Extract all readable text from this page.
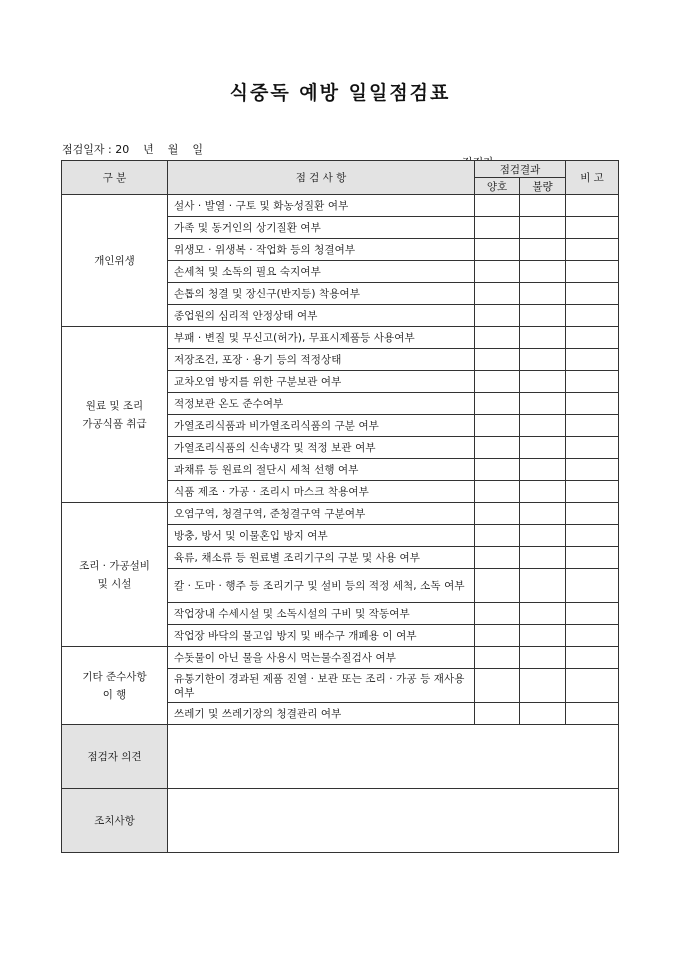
식중독 예방 일일점검표
점검일자 : 20    년    월    일

구 분	점 검 사 항	점검결과		비 고
		양호	불량	
개인위생	설사 · 발열 · 구토 및 화농성질환 여부			
	가족 및 동거인의 상기질환 여부			
	위생모 · 위생복 · 작업화 등의 청결여부			
	손세척 및 소독의 필요 숙지여부			
	손톱의 청결 및 장신구(반지등) 착용여부			
	종업원의 심리적 안정상태 여부			
원료 및 조리
가공식품 취급	부패 · 변질 및 무신고(허가), 무표시제품등 사용여부			
	저장조건, 포장 · 용기 등의 적정상태			
	교차오염 방지를 위한 구분보관 여부			
	적정보관 온도 준수여부			
	가열조리식품과 비가열조리식품의 구분 여부			
	가열조리식품의 신속냉각 및 적정 보관 여부			
	과채류 등 원료의 절단시 세척 선행 여부			
	식품 제조 · 가공 · 조리시 마스크 착용여부			
조리 · 가공설비
및 시설	오염구역, 청결구역, 준청결구역 구분여부			
	방충, 방서 및 이물혼입 방지 여부			
	육류, 채소류 등 원료별 조리기구의 구분 및 사용 여부			
	칼 · 도마 · 행주 등 조리기구 및 설비 등의 적정 세척, 소독 여부			
	작업장내 수세시설 및 소독시설의 구비 및 작동여부			
	작업장 바닥의 물고임 방지 및 배수구 개폐용 이 여부			
기타 준수사항
이 행	수돗물이 아닌 물을 사용시 먹는물수질검사 여부			
	유통기한이 경과된 제품 진열 · 보관 또는 조리 · 가공 등 재사용여부			
	쓰레기 및 쓰레기장의 청결관리 여부			
점검자 의견				
조치사항				
